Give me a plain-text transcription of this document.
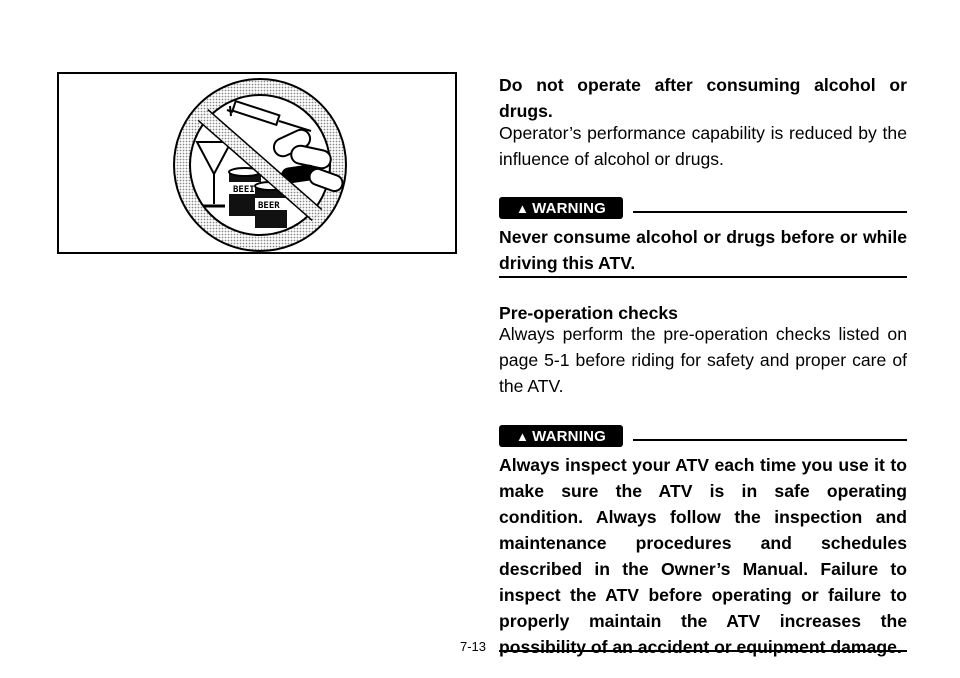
BEEI
BEER
Do not operate after consuming alcohol or drugs.
Operator’s performance capability is reduced by the influence of alcohol or drugs.
▲ WARNING
Never consume alcohol or drugs before or while driving this ATV.
Pre-operation checks
Always perform the pre-operation checks listed on page 5-1 before riding for safety and proper care of the ATV.
▲ WARNING
Always inspect your ATV each time you use it to make sure the ATV is in safe operating condition. Always follow the inspection and maintenance procedures and schedules described in the Owner’s Manual. Failure to inspect the ATV before operating or failure to properly maintain the ATV increases the possibility of an accident or equipment damage.
7-13
